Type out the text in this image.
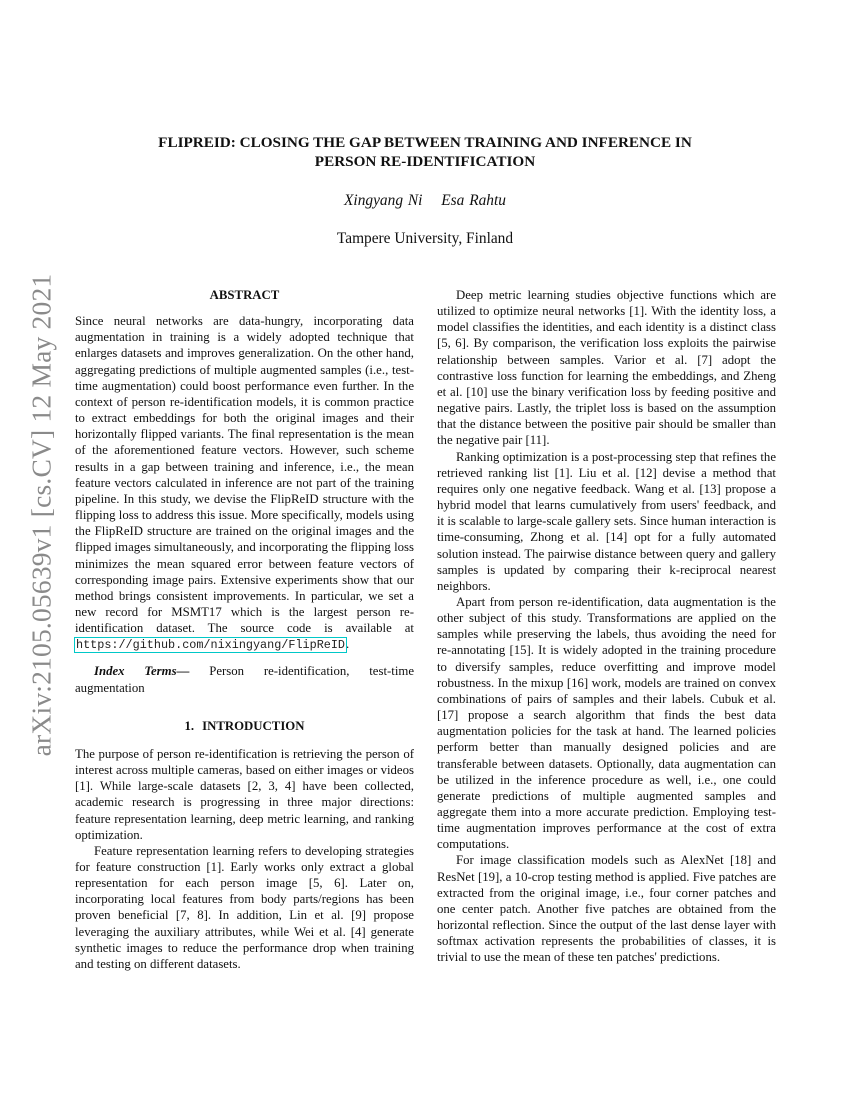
arXiv:2105.05639v1 [cs.CV] 12 May 2021
FLIPREID: CLOSING THE GAP BETWEEN TRAINING AND INFERENCE IN
PERSON RE-IDENTIFICATION
Xingyang Ni Esa Rahtu
Tampere University, Finland
ABSTRACT

Since neural networks are data-hungry, incorporating data augmentation in training is a widely adopted technique that enlarges datasets and improves generalization. On the other hand, aggregating predictions of multiple augmented samples (i.e., test-time augmentation) could boost performance even further. In the context of person re-identification models, it is common practice to extract embeddings for both the original images and their horizontally flipped variants. The final representation is the mean of the aforementioned feature vectors. However, such scheme results in a gap between training and inference, i.e., the mean feature vectors calculated in inference are not part of the training pipeline. In this study, we devise the FlipReID structure with the flipping loss to address this issue. More specifically, models using the FlipReID structure are trained on the original images and the flipped images simultaneously, and incorporating the flipping loss minimizes the mean squared error between feature vectors of corresponding image pairs. Extensive experiments show that our method brings consistent improvements. In particular, we set a new record for MSMT17 which is the largest person re-identification dataset. The source code is available at https://github.com/nixingyang/FlipReID.

Index Terms— Person re-identification, test-time augmentation

1. INTRODUCTION

The purpose of person re-identification is retrieving the person of interest across multiple cameras, based on either images or videos [1]. While large-scale datasets [2, 3, 4] have been collected, academic research is progressing in three major directions: feature representation learning, deep metric learning, and ranking optimization.

Feature representation learning refers to developing strategies for feature construction [1]. Early works only extract a global representation for each person image [5, 6]. Later on, incorporating local features from body parts/regions has been proven beneficial [7, 8]. In addition, Lin et al. [9] propose leveraging the auxiliary attributes, while Wei et al. [4] generate synthetic images to reduce the performance drop when training and testing on different datasets.

Deep metric learning studies objective functions which are utilized to optimize neural networks [1]. With the identity loss, a model classifies the identities, and each identity is a distinct class [5, 6]. By comparison, the verification loss exploits the pairwise relationship between samples. Varior et al. [7] adopt the contrastive loss function for learning the embeddings, and Zheng et al. [10] use the binary verification loss by feeding positive and negative pairs. Lastly, the triplet loss is based on the assumption that the distance between the positive pair should be smaller than the negative pair [11].

Ranking optimization is a post-processing step that refines the retrieved ranking list [1]. Liu et al. [12] devise a method that requires only one negative feedback. Wang et al. [13] propose a hybrid model that learns cumulatively from users' feedback, and it is scalable to large-scale gallery sets. Since human interaction is time-consuming, Zhong et al. [14] opt for a fully automated solution instead. The pairwise distance between query and gallery samples is updated by comparing their k-reciprocal nearest neighbors.

Apart from person re-identification, data augmentation is the other subject of this study. Transformations are applied on the samples while preserving the labels, thus avoiding the need for re-annotating [15]. It is widely adopted in the training procedure to diversify samples, reduce overfitting and improve model robustness. In the mixup [16] work, models are trained on convex combinations of pairs of samples and their labels. Cubuk et al. [17] propose a search algorithm that finds the best data augmentation policies for the task at hand. The learned policies perform better than manually designed policies and are transferable between datasets. Optionally, data augmentation can be utilized in the inference procedure as well, i.e., one could generate predictions of multiple augmented samples and aggregate them into a more accurate prediction. Employing test-time augmentation improves performance at the cost of extra computations.

For image classification models such as AlexNet [18] and ResNet [19], a 10-crop testing method is applied. Five patches are extracted from the original image, i.e., four corner patches and one center patch. Another five patches are obtained from the horizontal reflection. Since the output of the last dense layer with softmax activation represents the probabilities of classes, it is trivial to use the mean of these ten patches' predictions.
